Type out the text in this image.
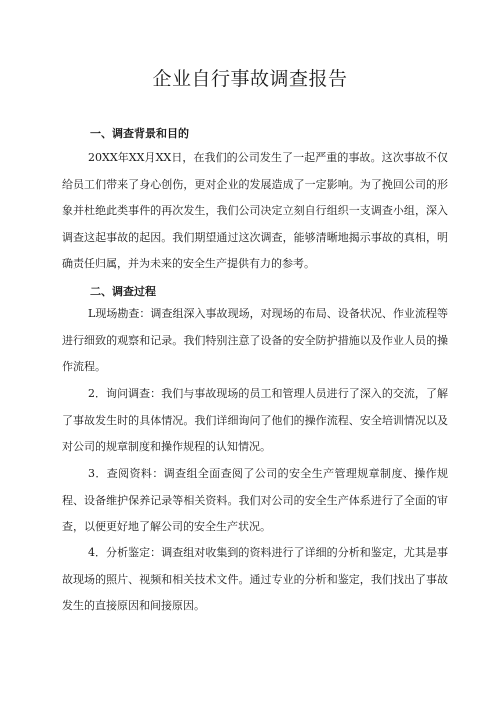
企业自行事故调查报告
一、调查背景和目的

20XX年XX月XX日，在我们的公司发生了一起严重的事故。这次事故不仅给员工们带来了身心创伤，更对企业的发展造成了一定影响。为了挽回公司的形象并杜绝此类事件的再次发生，我们公司决定立刻自行组织一支调查小组，深入调查这起事故的起因。我们期望通过这次调查，能够清晰地揭示事故的真相，明确责任归属，并为未来的安全生产提供有力的参考。

二、调查过程

L现场勘查：调查组深入事故现场，对现场的布局、设备状况、作业流程等进行细致的观察和记录。我们特别注意了设备的安全防护措施以及作业人员的操作流程。

2．询问调查：我们与事故现场的员工和管理人员进行了深入的交流，了解了事故发生时的具体情况。我们详细询问了他们的操作流程、安全培训情况以及对公司的规章制度和操作规程的认知情况。

3．查阅资料：调查组全面查阅了公司的安全生产管理规章制度、操作规程、设备维护保养记录等相关资料。我们对公司的安全生产体系进行了全面的审查，以便更好地了解公司的安全生产状况。

4．分析鉴定：调查组对收集到的资料进行了详细的分析和鉴定，尤其是事故现场的照片、视频和相关技术文件。通过专业的分析和鉴定，我们找出了事故发生的直接原因和间接原因。
